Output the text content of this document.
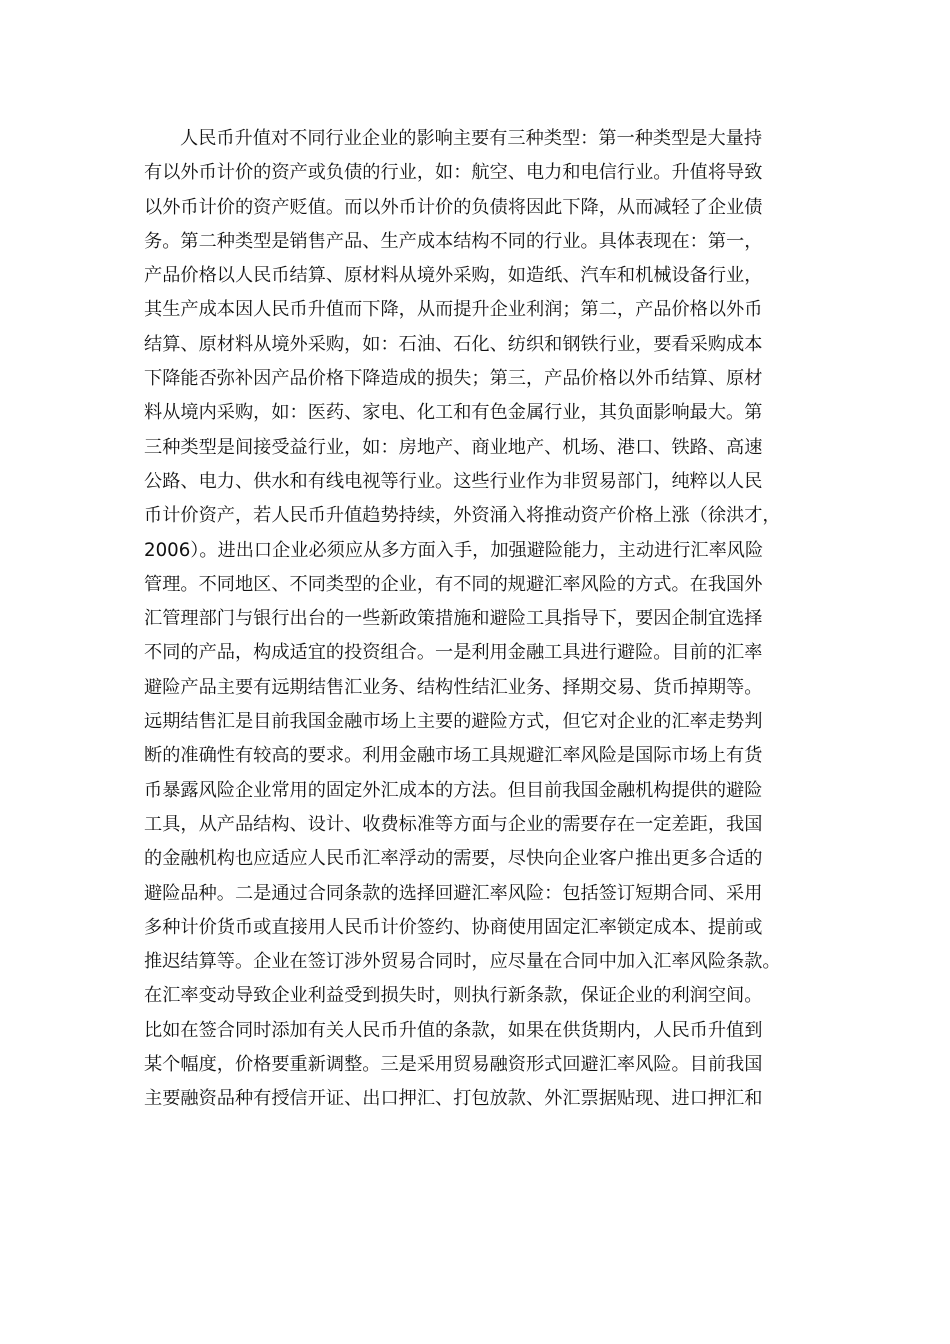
人民币升值对不同行业企业的影响主要有三种类型：第一种类型是大量持
有以外币计价的资产或负债的行业，如：航空、电力和电信行业。升值将导致
以外币计价的资产贬值。而以外币计价的负债将因此下降，从而减轻了企业债
务。第二种类型是销售产品、生产成本结构不同的行业。具体表现在：第一，
产品价格以人民币结算、原材料从境外采购，如造纸、汽车和机械设备行业，
其生产成本因人民币升值而下降，从而提升企业利润；第二，产品价格以外币
结算、原材料从境外采购，如：石油、石化、纺织和钢铁行业，要看采购成本
下降能否弥补因产品价格下降造成的损失；第三，产品价格以外币结算、原材
料从境内采购，如：医药、家电、化工和有色金属行业，其负面影响最大。第
三种类型是间接受益行业，如：房地产、商业地产、机场、港口、铁路、高速
公路、电力、供水和有线电视等行业。这些行业作为非贸易部门，纯粹以人民
币计价资产，若人民币升值趋势持续，外资涌入将推动资产价格上涨（徐洪才，
2006）。进出口企业必须应从多方面入手，加强避险能力，主动进行汇率风险
管理。不同地区、不同类型的企业，有不同的规避汇率风险的方式。在我国外
汇管理部门与银行出台的一些新政策措施和避险工具指导下，要因企制宜选择
不同的产品，构成适宜的投资组合。一是利用金融工具进行避险。目前的汇率
避险产品主要有远期结售汇业务、结构性结汇业务、择期交易、货币掉期等。
远期结售汇是目前我国金融市场上主要的避险方式，但它对企业的汇率走势判
断的准确性有较高的要求。利用金融市场工具规避汇率风险是国际市场上有货
币暴露风险企业常用的固定外汇成本的方法。但目前我国金融机构提供的避险
工具，从产品结构、设计、收费标准等方面与企业的需要存在一定差距，我国
的金融机构也应适应人民币汇率浮动的需要，尽快向企业客户推出更多合适的
避险品种。二是通过合同条款的选择回避汇率风险：包括签订短期合同、采用
多种计价货币或直接用人民币计价签约、协商使用固定汇率锁定成本、提前或
推迟结算等。企业在签订涉外贸易合同时，应尽量在合同中加入汇率风险条款。
在汇率变动导致企业利益受到损失时，则执行新条款，保证企业的利润空间。
比如在签合同时添加有关人民币升值的条款，如果在供货期内，人民币升值到
某个幅度，价格要重新调整。三是采用贸易融资形式回避汇率风险。目前我国
主要融资品种有授信开证、出口押汇、打包放款、外汇票据贴现、进口押汇和
